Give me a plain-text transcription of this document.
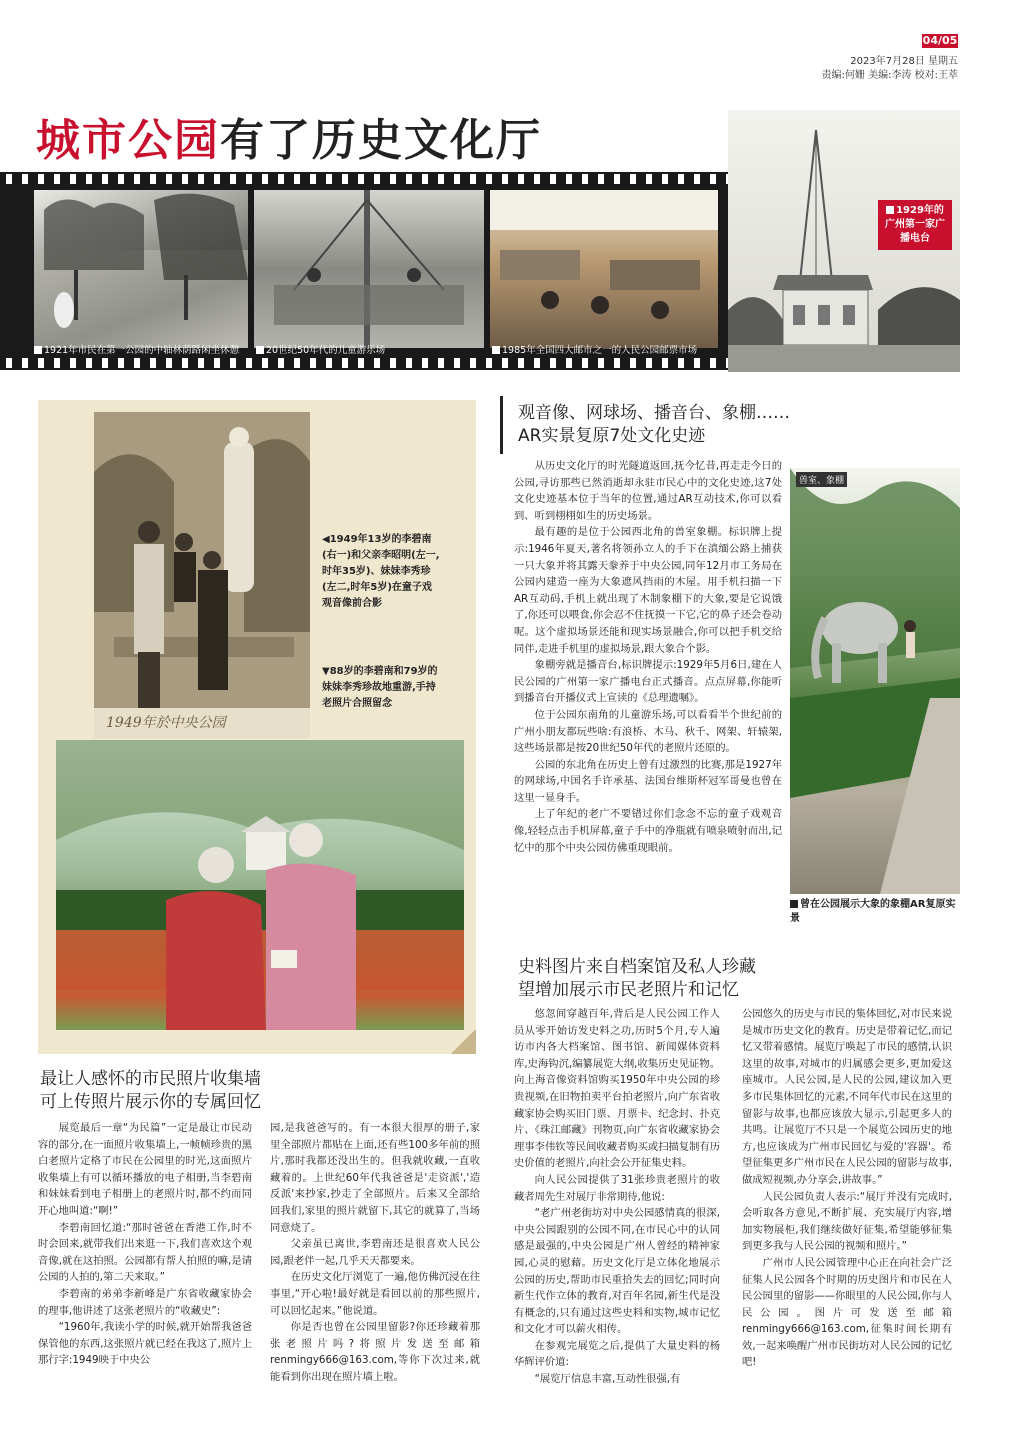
04/05
2023年7月28日 星期五
责编:何姗 美编:李涛 校对:王萃
城市公园有了历史文化厅
1921年市民在第一公园的中轴林荫路闲坐休憩	20世纪50年代的儿童游乐场	1985年全国四大邮市之一的人民公园邮票市场
1929年的广州第一家广播电台
1949年於中央公园
◀1949年13岁的李碧南(右一)和父亲李昭明(左一,时年35岁)、妹妹李秀珍(左二,时年5岁)在童子戏观音像前合影
▼88岁的李碧南和79岁的妹妹李秀珍故地重游,手持老照片合照留念
观音像、网球场、播音台、象棚……
AR实景复原7处文化史迹

从历史文化厅的时光隧道返回,抚今忆昔,再走走今日的公园,寻访那些已然消逝却永驻市民心中的文化史迹,这7处文化史迹基本位于当年的位置,通过AR互动技术,你可以看到、听到栩栩如生的历史场景。

最有趣的是位于公园西北角的兽室象棚。标识牌上提示:1946年夏天,著名将领孙立人的手下在滇缅公路上捕获一只大象并将其露天豢养于中央公园,同年12月市工务局在公园内建造一座为大象遮风挡雨的木屋。用手机扫描一下AR互动码,手机上就出现了木制象棚下的大象,要是它说饿了,你还可以喂食,你会忍不住抚摸一下它,它的鼻子还会卷动呢。这个虚拟场景还能和现实场景融合,你可以把手机交给同伴,走进手机里的虚拟场景,跟大象合个影。

象棚旁就是播音台,标识牌提示:1929年5月6日,建在人民公园的广州第一家广播电台正式播音。点点屏幕,你能听到播音台开播仪式上宣读的《总理遗嘱》。

位于公园东南角的儿童游乐场,可以看看半个世纪前的广州小朋友都玩些啥:有浪桥、木马、秋千、网架、轩辕架,这些场景都是按20世纪50年代的老照片还原的。

公园的东北角在历史上曾有过激烈的比赛,那是1927年的网球场,中国名手许承基、法国台维斯杯冠军哥曼也曾在这里一显身手。

上了年纪的老广不要错过你们念念不忘的童子戏观音像,轻轻点击手机屏幕,童子手中的净瓶就有喷泉喷射而出,记忆中的那个中央公园仿佛重现眼前。

兽室、象棚
曾在公园展示大象的象棚AR复原实景
史料图片来自档案馆及私人珍藏
望增加展示市民老照片和记忆

悠忽间穿越百年,背后是人民公园工作人员从零开始访发史料之功,历时5个月,专人遍访市内各大档案馆、图书馆、新闻媒体资料库,史海钩沉,编纂展览大纲,收集历史见证物。向上海音像资料馆购买1950年中央公园的珍贵视频,在旧物拍卖平台拍老照片,向广东省收藏家协会购买旧门票、月票卡、纪念封、扑克片、《珠江邮藏》刊物页,向广东省收藏家协会理事李伟钦等民间收藏者购买或扫描复制有历史价值的老照片,向社会公开征集史料。

向人民公园提供了31张珍贵老照片的收藏者周先生对展厅非常期待,他说:

“老广州老街坊对中央公园感情真的很深,中央公园跟别的公园不同,在市民心中的认同感是最强的,中央公园是广州人曾经的精神家园,心灵的慰藉。历史文化厅是立体化地展示公园的历史,帮助市民重拾失去的回忆;同时向新生代作立体的教育,对百年名园,新生代是没有概念的,只有通过这些史料和实物,城市记忆和文化才可以薪火相传。

在参观完展览之后,提供了大量史料的杨华辉评价道:

“展览厅信息丰富,互动性很强,有

公园悠久的历史与市民的集体回忆,对市民来说是城市历史文化的教育。历史是带着记忆,而记忆又带着感情。展览厅唤起了市民的感情,认识这里的故事,对城市的归属感会更多,更加爱这座城市。人民公园,是人民的公园,建议加入更多市民集体回忆的元素,不同年代市民在这里的留影与故事,也都应该放大显示,引起更多人的共鸣。让展览厅不只是一个展览公园历史的地方,也应该成为广州市民回忆与爱的'容器'。希望征集更多广州市民在人民公园的留影与故事,做成短视频,办分享会,讲故事。”

人民公园负责人表示:“展厅并没有完成时,会听取各方意见,不断扩展、充实展厅内容,增加实物展柜,我们继续做好征集,希望能够征集到更多我与人民公园的视频和照片。”

广州市人民公园管理中心正在向社会广泛征集人民公园各个时期的历史图片和市民在人民公园里的留影——你眼里的人民公园,你与人民公园。图片可发送至邮箱renmingy666@163.com,征集时间长期有效,一起来唤醒广州市民街坊对人民公园的记忆吧!

最让人感怀的市民照片收集墙
可上传照片展示你的专属回忆

展览最后一章“为民篇”一定是最让市民动容的部分,在一面照片收集墙上,一帧帧珍贵的黑白老照片定格了市民在公园里的时光,这面照片收集墙上有可以循环播放的电子相册,当李碧南和妹妹看到电子相册上的老照片时,都不约而同开心地叫道:“啊!”

李碧南回忆道:“那时爸爸在香港工作,时不时会回来,就带我们出来逛一下,我们喜欢这个观音像,就在这拍照。公园都有帮人拍照的嘛,是请公园的人拍的,第二天来取。”

李碧南的弟弟李新峰是广东省收藏家协会的理事,他讲述了这张老照片的“收藏史”:

“1960年,我读小学的时候,就开始帮我爸爸保管他的东西,这张照片就已经在我这了,照片上那行字:1949映于中央公

园,是我爸爸写的。有一本很大很厚的册子,家里全部照片都贴在上面,还有些100多年前的照片,那时我都还没出生的。但我就收藏,一直收藏着的。上世纪60年代我爸爸是'走资派','造反派'来抄家,抄走了全部照片。后来又全部给回我们,家里的照片就留下,其它的就算了,当场同意烧了。

父亲虽已离世,李碧南还是很喜欢人民公园,跟老伴一起,几乎天天都要来。

在历史文化厅浏览了一遍,他仿佛沉浸在往事里,“开心啦!最好就是看回以前的那些照片,可以回忆起来。”他说道。

你是否也曾在公园里留影?你还珍藏着那张老照片吗?将照片发送至邮箱renmingy666@163.com,等你下次过来,就能看到你出现在照片墙上啦。
